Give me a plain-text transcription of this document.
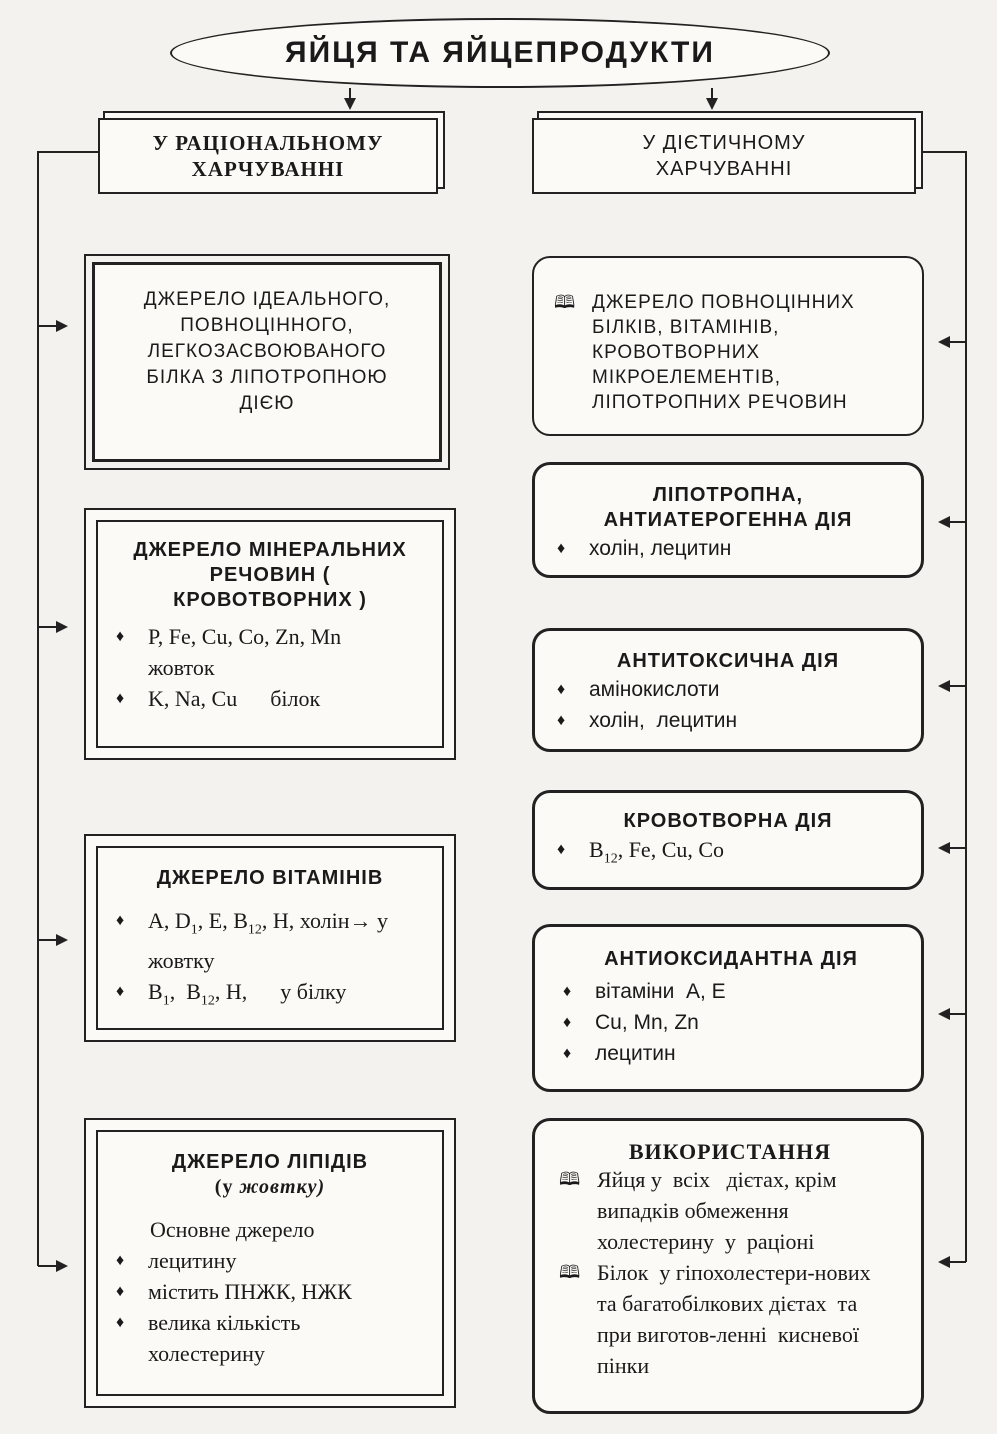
ЯЙЦЯ ТА ЯЙЦЕПРОДУКТИ
У РАЦІОНАЛЬНОМУ ХАРЧУВАННІ
У ДІЄТИЧНОМУ ХАРЧУВАННІ
ДЖЕРЕЛО ІДЕАЛЬНОГО, ПОВНОЦІННОГО, ЛЕГКОЗАСВОЮВАНОГО БІЛКА З ЛІПОТРОПНОЮ ДІЄЮ
ДЖЕРЕЛО МІНЕРАЛЬНИХ РЕЧОВИН ( КРОВОТВОРНИХ )
♦ P, Fe, Cu, Co, Zn, Mn жовток
♦ K, Na, Cu      білок
ДЖЕРЕЛО ВІТАМІНІВ
♦ A, $D_1$, E, $B_{12}$, H, холін→ у жовтку
♦ $B_1$,  $B_{12}$, H,      у білку
ДЖЕРЕЛО ЛІПІДІВ
(у жовтку)
Основне джерело
♦ лецитину
♦ містить ПНЖК, НЖК
♦ велика кількість холестерину
🕮 ДЖЕРЕЛО ПОВНОЦІННИХ БІЛКІВ, ВІТАМІНІВ, КРОВОТВОРНИХ МІКРОЕЛЕМЕНТІВ, ЛІПОТРОПНИХ РЕЧОВИН
ЛІПОТРОПНА, АНТИАТЕРОГЕННА ДІЯ
♦ холін, лецитин
АНТИТОКСИЧНА ДІЯ
♦ амінокислоти
♦ холін,  лецитин
КРОВОТВОРНА ДІЯ
♦ $B_{12}$, Fe, Cu, Co
АНТИОКСИДАНТНА ДІЯ
♦ вітаміни  A, E
♦ Cu, Mn, Zn
♦ лецитин
ВИКОРИСТАННЯ
🕮 Яйця у  всіх   дієтах, крім випадків обмеження холестерину  у  раціоні
🕮 Білок  у гіпохолестери-нових та багатобілкових дієтах  та  при виготов-ленні  кисневої пінки
